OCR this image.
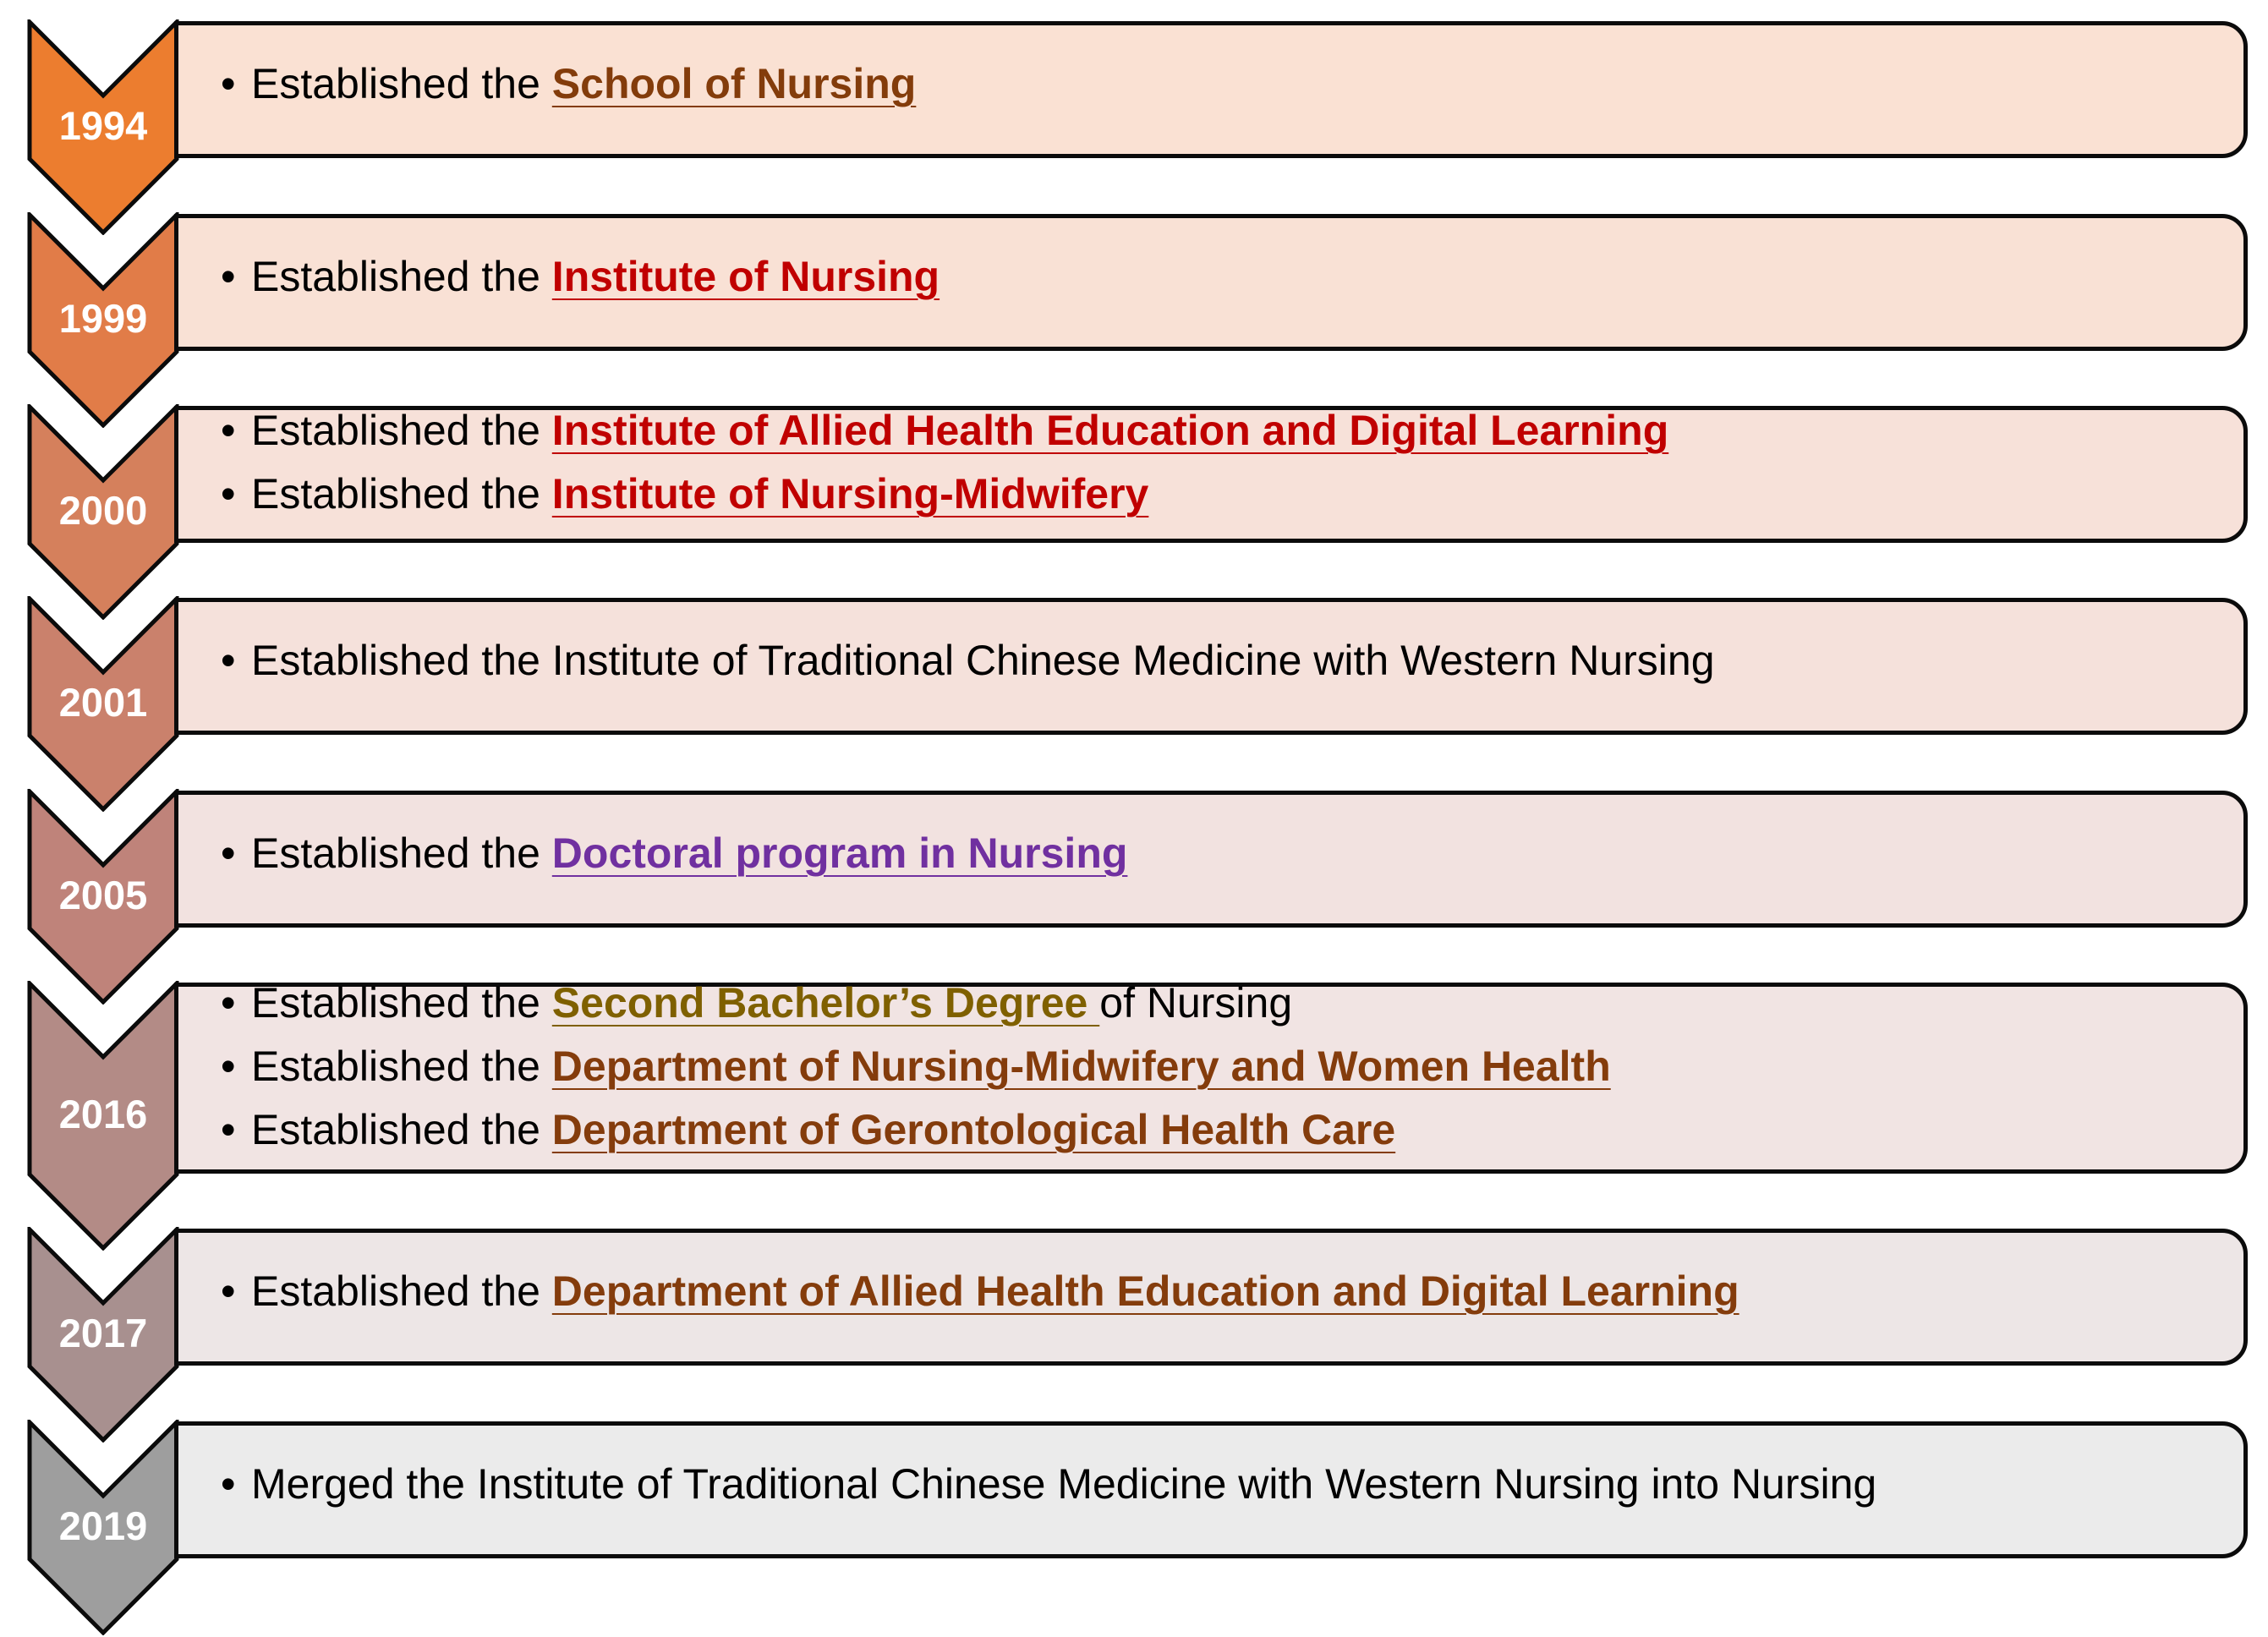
• Established the School of Nursing
1994
• Established the Institute of Nursing
1999
• Established the Institute of Allied Health Education and Digital Learning
• Established the Institute of Nursing-Midwifery
2000
• Established the Institute of Traditional Chinese Medicine with Western Nursing
2001
• Established the Doctoral program in Nursing
2005
• Established the Second Bachelor’s Degree of Nursing
• Established the Department of Nursing-Midwifery and Women Health
• Established the Department of Gerontological Health Care
2016
• Established the Department of Allied Health Education and Digital Learning
2017
• Merged the Institute of Traditional Chinese Medicine with Western Nursing into Nursing
2019
